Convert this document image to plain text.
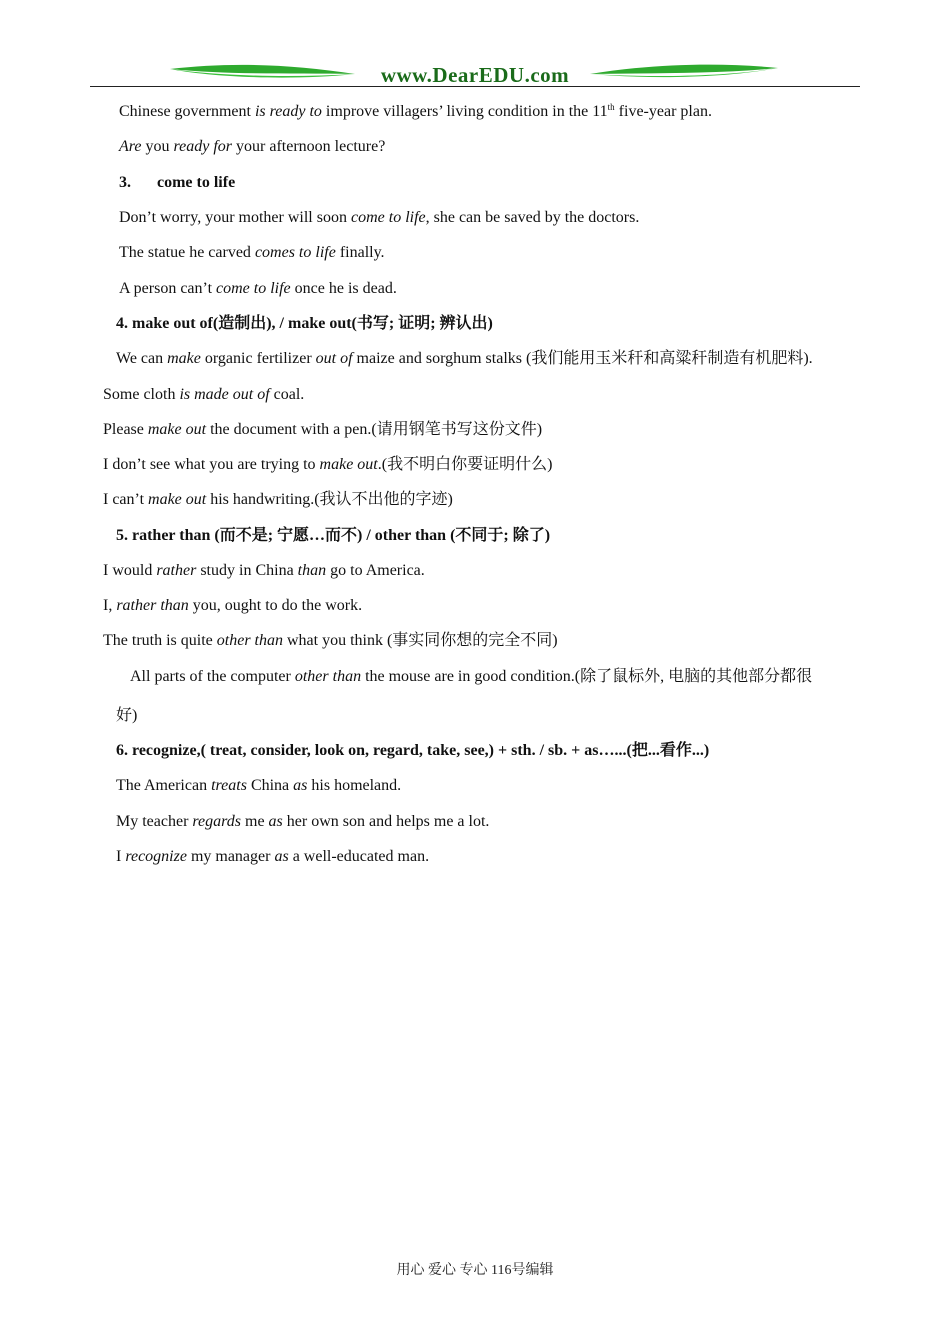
www.DearEDU.com
Chinese government is ready to improve villagers’ living condition in the 11th five-year plan.
Are you ready for your afternoon lecture?
3. come to life
Don’t worry, your mother will soon come to life, she can be saved by the doctors.
The statue he carved comes to life finally.
A person can’t come to life once he is dead.
4. make out of(造制出), / make out(书写; 证明; 辨认出)
We can make organic fertilizer out of maize and sorghum stalks (我们能用玉米秆和高粱秆制造有机肥料).
Some cloth is made out of coal.
Please make out the document with a pen.(请用钢笔书写这份文件)
I don’t see what you are trying to make out.(我不明白你要证明什么)
I can’t make out his handwriting.(我认不出他的字迹)
5. rather than (而不是; 宁愿…而不) / other than (不同于; 除了)
I would rather study in China than go to America.
I, rather than you, ought to do the work.
The truth is quite other than what you think (事实同你想的完全不同)
All parts of the computer other than the mouse are in good condition.(除了鼠标外, 电脑的其他部分都很
好)
6. recognize,( treat, consider, look on, regard, take, see,) + sth. / sb. + as…...(把...看作...)
The American treats China as his homeland.
My teacher regards me as her own son and helps me a lot.
I recognize my manager as a well-educated man.
用心 爱心 专心 116号编辑
